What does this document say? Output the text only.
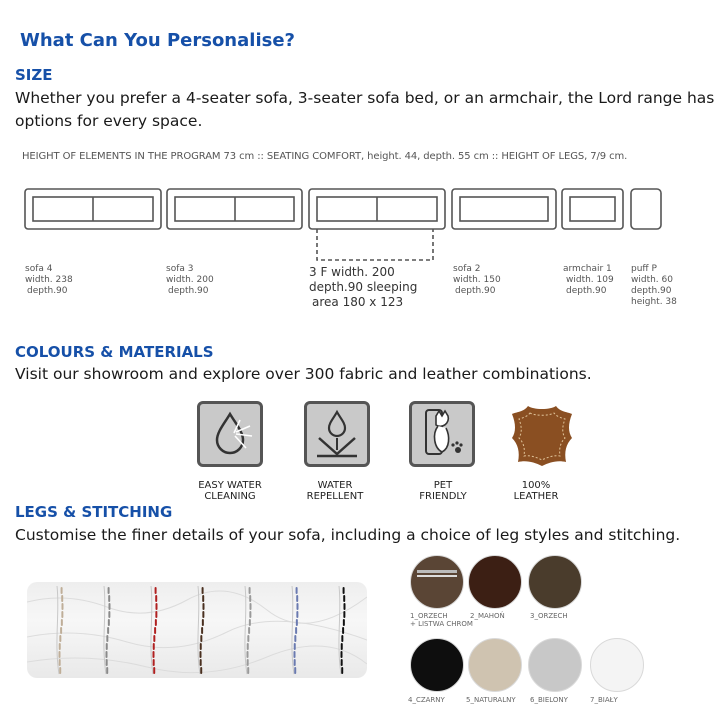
What Can You Personalise?
SIZE
Whether you prefer a 4-seater sofa, 3-seater sofa bed, or an armchair, the Lord range has options for every space.
HEIGHT OF ELEMENTS IN THE PROGRAM 73 cm :: SEATING COMFORT, height. 44, depth. 55 cm :: HEIGHT OF LEGS, 7/9 cm.
sofa 4
width. 238
depth.90
sofa 3
width. 200
depth.90
3 F width. 200
depth.90 sleeping
area 180 x 123
sofa 2
width. 150
depth.90
armchair 1
width. 109
depth.90
puff P
width. 60
depth.90
height. 38
COLOURS & MATERIALS
Visit our showroom and explore over 300 fabric and leather combinations.
EASY WATER
CLEANING
WATER
REPELLENT
PET
FRIENDLY
100%
LEATHER
LEGS & STITCHING
Customise the finer details of your sofa, including a choice of leg styles and stitching.
1_ORZECH
+ LISTWA CHROM
2_MAHOŃ	3_ORZECH
4_CZARNY	5_NATURALNY 6_BIELONY	7_BIAŁY
